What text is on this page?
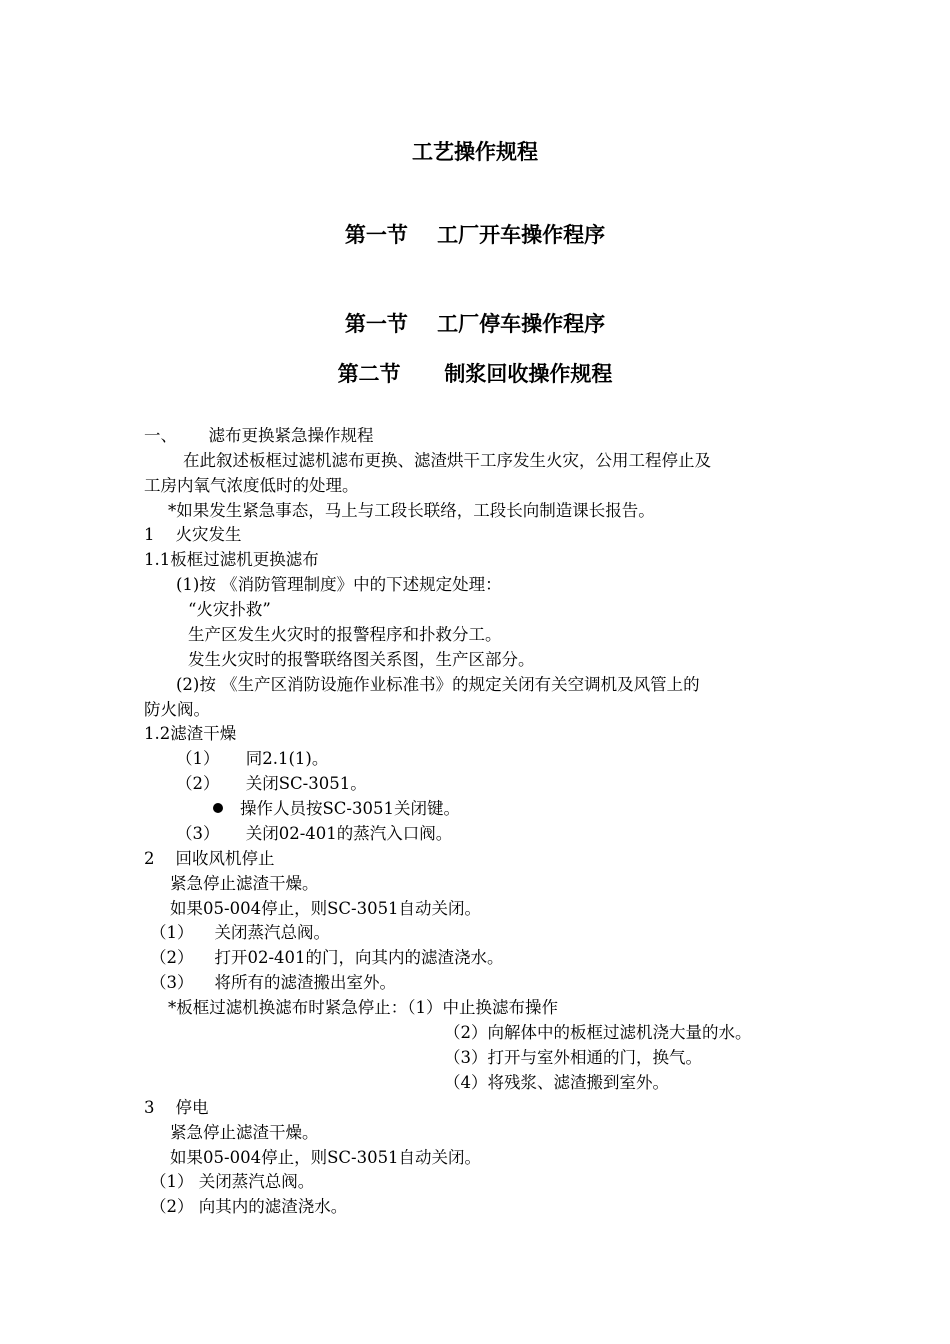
工艺操作规程
第一节    工厂开车操作程序
第一节    工厂停车操作程序
第二节      制浆回收操作规程
一、      滤布更换紧急操作规程
在此叙述板框过滤机滤布更换、滤渣烘干工序发生火灾，公用工程停止及
工房内氧气浓度低时的处理。
*如果发生紧急事态，马上与工段长联络，工段长向制造课长报告。
1    火灾发生
1.1板框过滤机更换滤布
(1)按 《消防管理制度》中的下述规定处理：
“火灾扑救”
生产区发生火灾时的报警程序和扑救分工。
发生火灾时的报警联络图关系图，生产区部分。
(2)按 《生产区消防设施作业标准书》的规定关闭有关空调机及风管上的
防火阀。
1.2滤渣干燥
（1）     同2.1(1)。
（2）     关闭SC-3051。
操作人员按SC-3051关闭键。
（3）     关闭02-401的蒸汽入口阀。
2    回收风机停止
紧急停止滤渣干燥。
如果05-004停止，则SC-3051自动关闭。
（1）    关闭蒸汽总阀。
（2）    打开02-401的门，向其内的滤渣浇水。
（3）    将所有的滤渣搬出室外。
*板框过滤机换滤布时紧急停止：（1）中止换滤布操作
（2）向解体中的板框过滤机浇大量的水。
（3）打开与室外相通的门，换气。
（4）将残浆、滤渣搬到室外。
3    停电
紧急停止滤渣干燥。
如果05-004停止，则SC-3051自动关闭。
（1） 关闭蒸汽总阀。
（2） 向其内的滤渣浇水。
